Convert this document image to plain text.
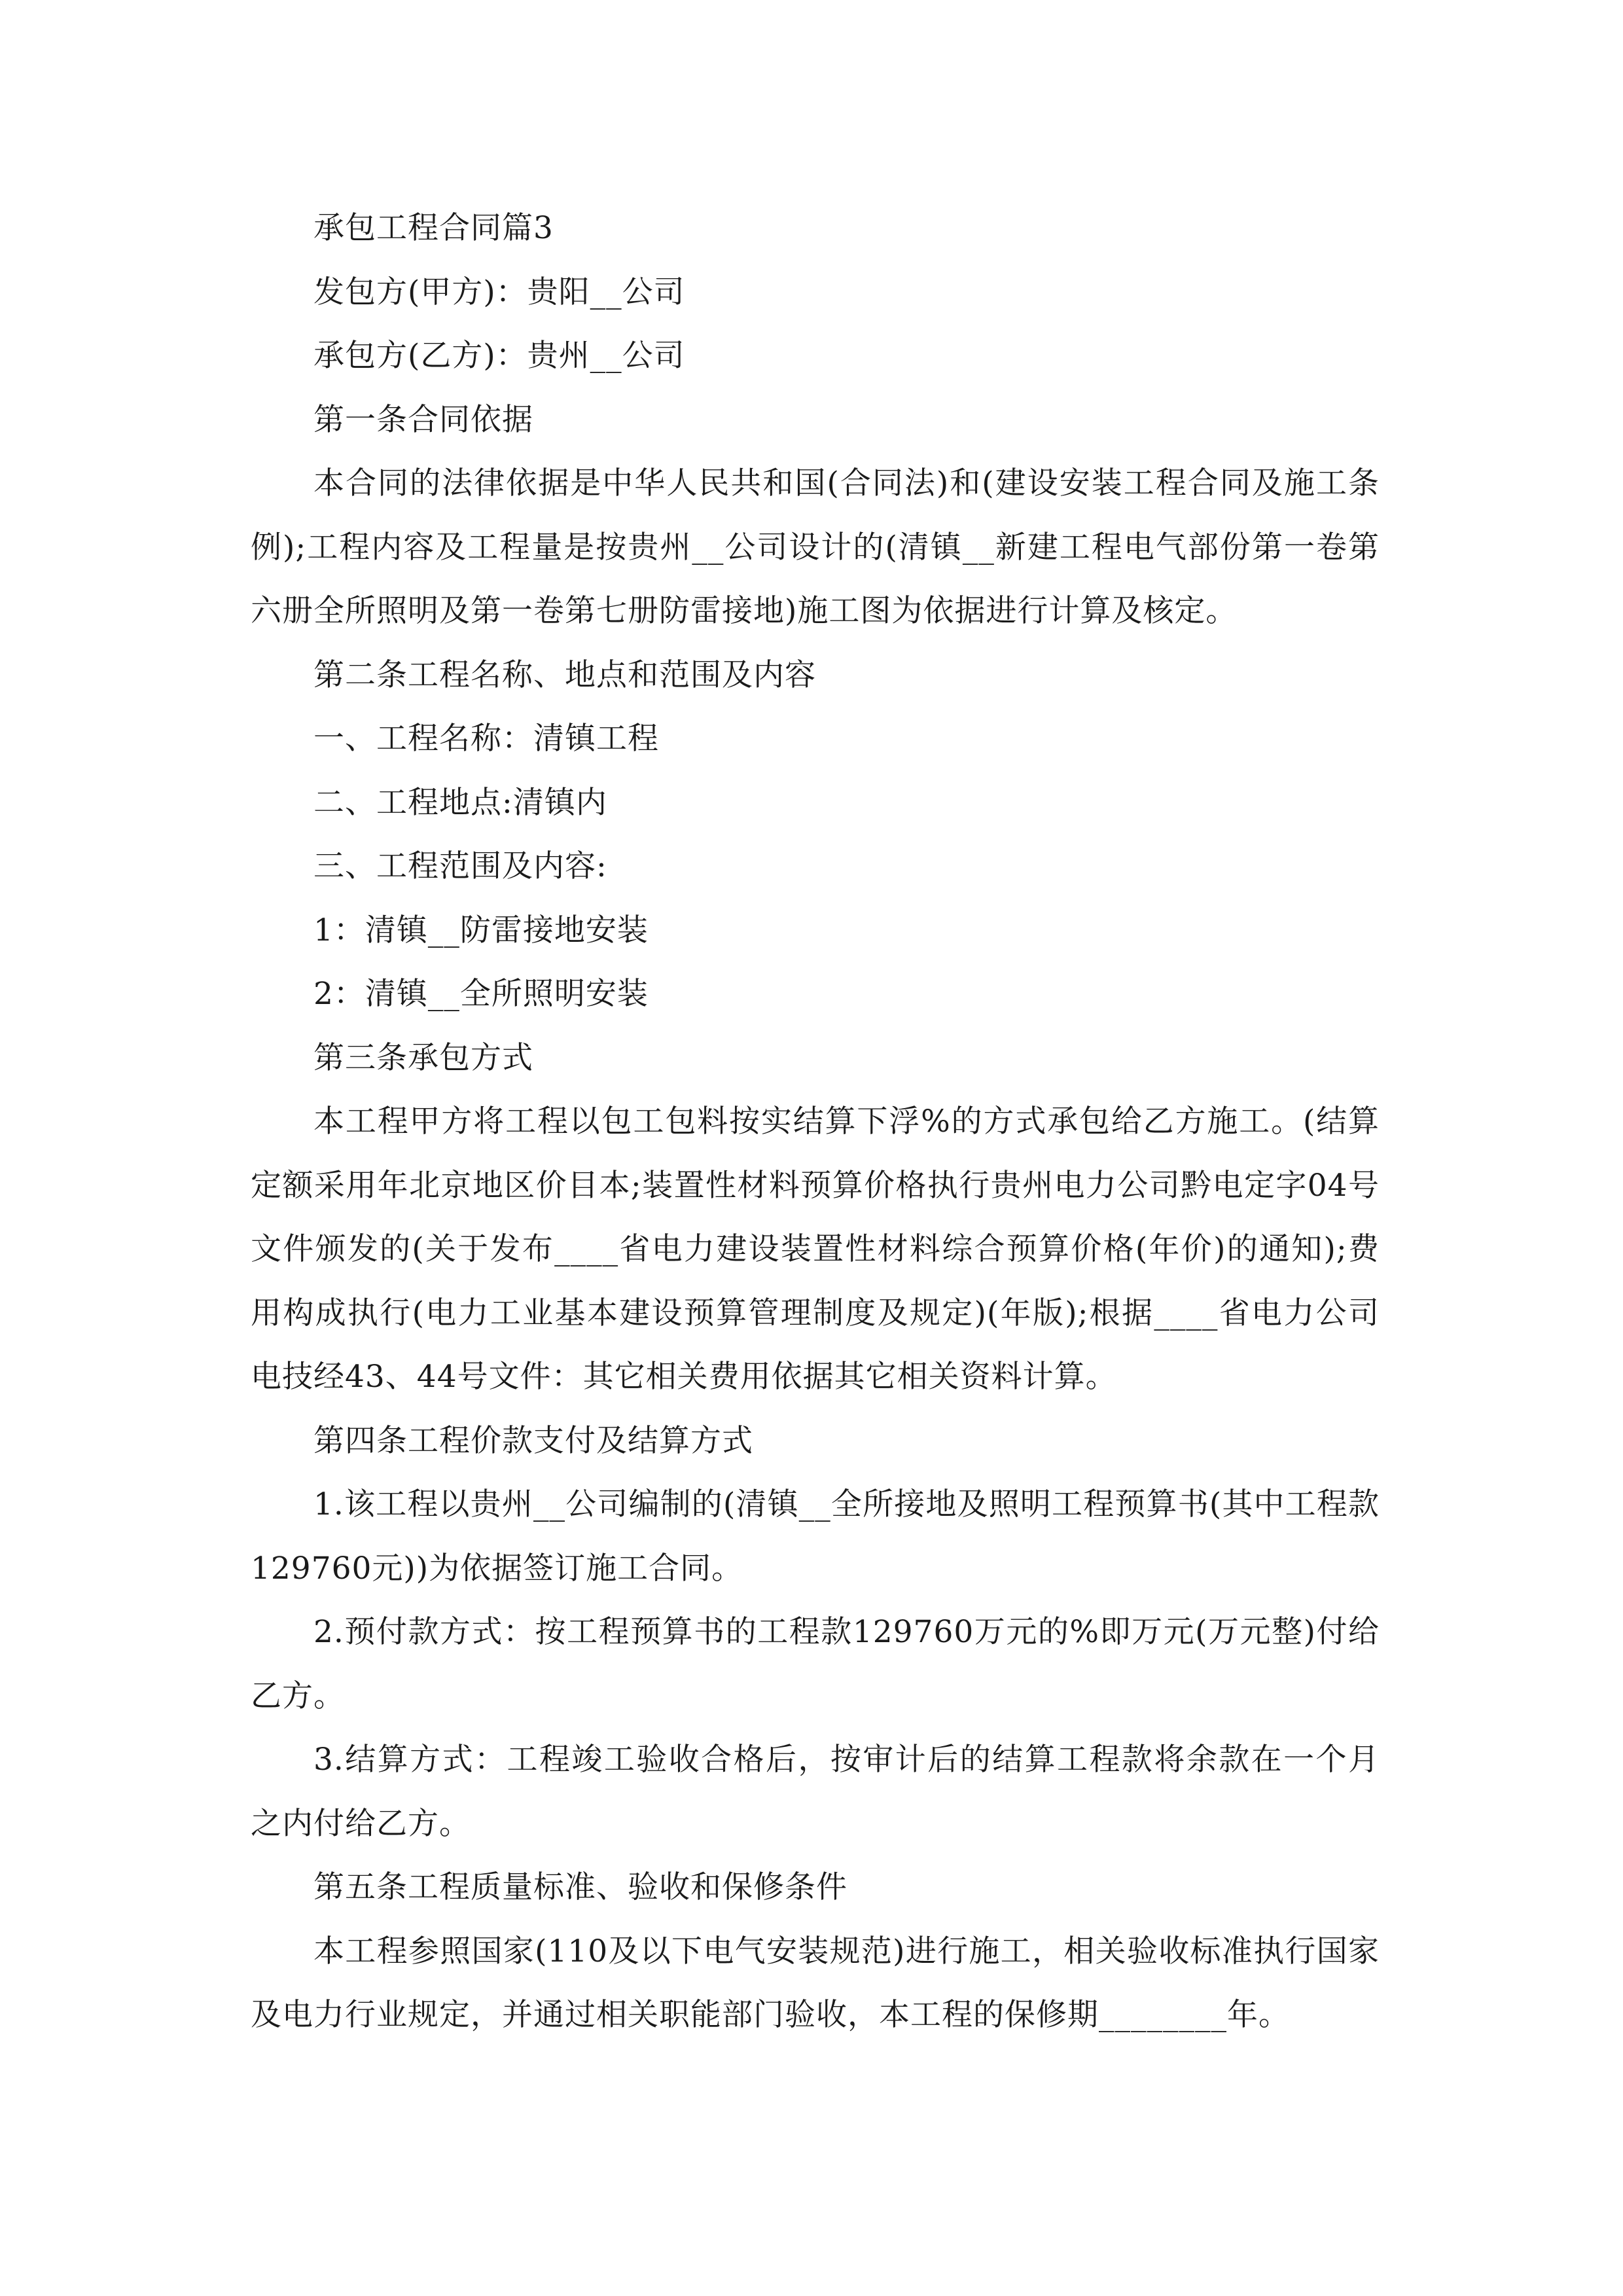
承包工程合同篇3

发包方(甲方)：贵阳__公司

承包方(乙方)：贵州__公司

第一条合同依据

本合同的法律依据是中华人民共和国(合同法)和(建设安装工程合同及施工条例);工程内容及工程量是按贵州__公司设计的(清镇__新建工程电气部份第一卷第六册全所照明及第一卷第七册防雷接地)施工图为依据进行计算及核定。

第二条工程名称、地点和范围及内容

一、工程名称：清镇工程

二、工程地点:清镇内

三、工程范围及内容:

1：清镇__防雷接地安装

2：清镇__全所照明安装

第三条承包方式

本工程甲方将工程以包工包料按实结算下浮%的方式承包给乙方施工。(结算定额采用年北京地区价目本;装置性材料预算价格执行贵州电力公司黔电定字04号文件颁发的(关于发布____省电力建设装置性材料综合预算价格(年价)的通知);费用构成执行(电力工业基本建设预算管理制度及规定)(年版);根据____省电力公司电技经43、44号文件：其它相关费用依据其它相关资料计算。

第四条工程价款支付及结算方式

1.该工程以贵州__公司编制的(清镇__全所接地及照明工程预算书(其中工程款129760元))为依据签订施工合同。

2.预付款方式：按工程预算书的工程款129760万元的%即万元(万元整)付给乙方。

3.结算方式：工程竣工验收合格后，按审计后的结算工程款将余款在一个月之内付给乙方。

第五条工程质量标准、验收和保修条件

本工程参照国家(110及以下电气安装规范)进行施工，相关验收标准执行国家及电力行业规定，并通过相关职能部门验收，本工程的保修期________年。
